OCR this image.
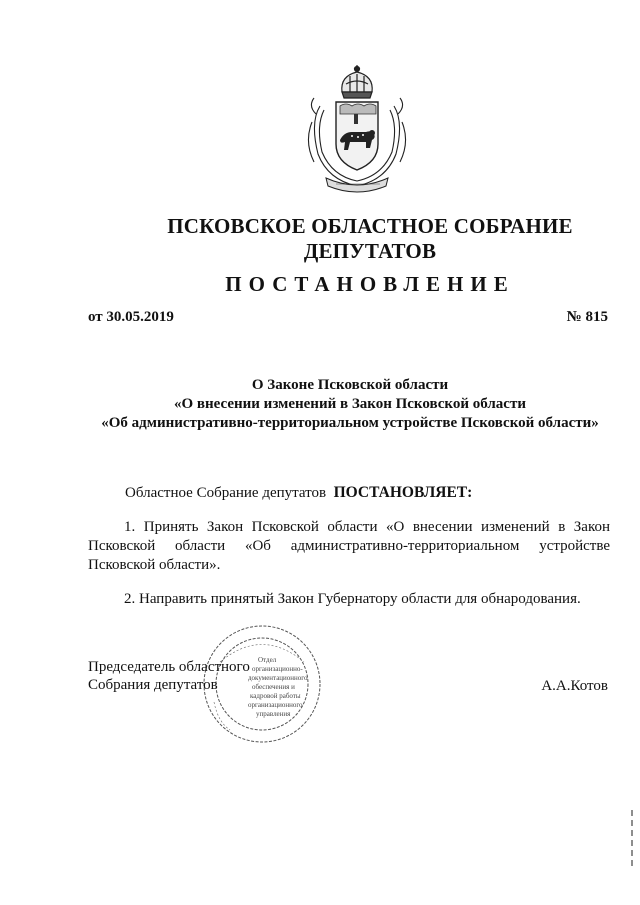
ПСКОВСКОЕ ОБЛАСТНОЕ СОБРАНИЕ ДЕПУТАТОВ
ПОСТАНОВЛЕНИЕ
от 30.05.2019	№ 815
О Законе Псковской области
«О внесении изменений в Закон Псковской области
«Об административно-территориальном устройстве Псковской области»
Областное Собрание депутатов ПОСТАНОВЛЯЕТ:
1. Принять Закон Псковской области «О внесении изменений в Закон Псковской области «Об административно-территориальном устройстве Псковской области».
2. Направить принятый Закон Губернатору области для обнародования.
Отдел
организационно-
документационного
обеспечения и
кадровой работы
организационного
управления
Председатель областного
Собрания депутатов	А.А.Котов
